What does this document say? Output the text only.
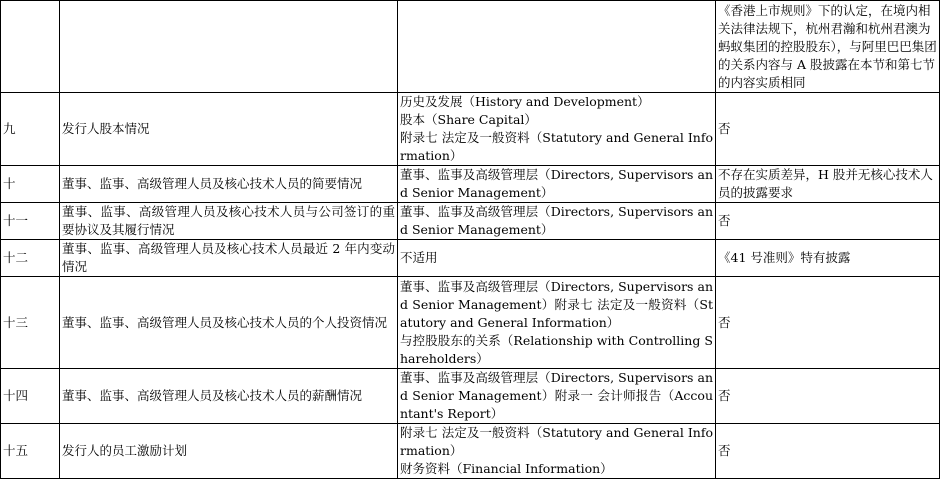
			《香港上市规则》下的认定，在境内相关法律法规下，杭州君瀚和杭州君澳为蚂蚁集团的控股股东），与阿里巴巴集团的关系内容与 A 股披露在本节和第七节的内容实质相同
九	发行人股本情况	历史及发展（History and Development）
股本（Share Capital）
附录七 法定及一般资料（Statutory and General Information）	否
十	董事、监事、高级管理人员及核心技术人员的简要情况	董事、监事及高级管理层（Directors, Supervisors and Senior Management）	不存在实质差异，H 股并无核心技术人员的披露要求
十一	董事、监事、高级管理人员及核心技术人员与公司签订的重要协议及其履行情况	董事、监事及高级管理层（Directors, Supervisors and Senior Management）	否
十二	董事、监事、高级管理人员及核心技术人员最近 2 年内变动情况	不适用	《41 号准则》特有披露
十三	董事、监事、高级管理人员及核心技术人员的个人投资情况	董事、监事及高级管理层（Directors, Supervisors and Senior Management）附录七 法定及一般资料（Statutory and General Information）
与控股股东的关系（Relationship with Controlling Shareholders）	否
十四	董事、监事、高级管理人员及核心技术人员的薪酬情况	董事、监事及高级管理层（Directors, Supervisors and Senior Management）附录一 会计师报告（Accountant's Report）	否
十五	发行人的员工激励计划	附录七 法定及一般资料（Statutory and General Information）
财务资料（Financial Information）	否
